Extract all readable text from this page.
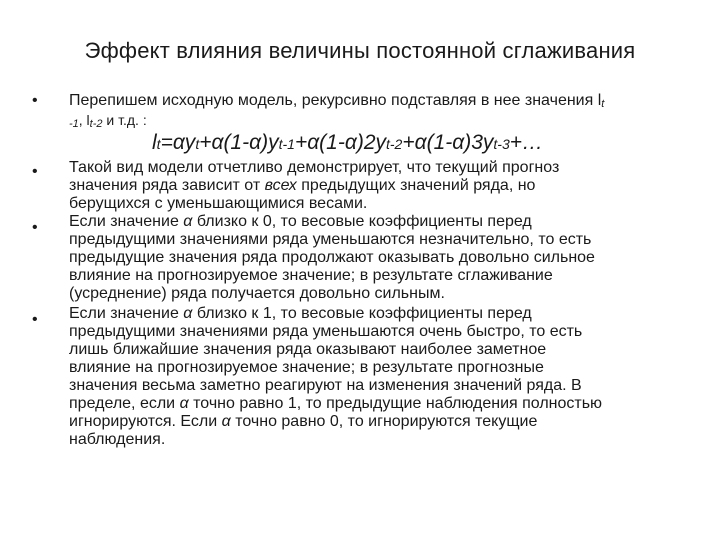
Эффект влияния величины постоянной сглаживания
• Перепишем исходную модель, рекурсивно подставляя в нее значения lt
-1, lt-2 и т.д. :
lt=αyt+α(1-α)yt-1+α(1-α)2yt-2+α(1-α)3yt-3+…
• Такой вид модели отчетливо демонстрирует, что текущий прогноз
значения ряда зависит от всех предыдущих значений ряда, но
берущихся с уменьшающимися весами.
• Если значение α близко к 0, то весовые коэффициенты перед
предыдущими значениями ряда уменьшаются незначительно, то есть
предыдущие значения ряда продолжают оказывать довольно сильное
влияние на прогнозируемое значение; в результате сглаживание
(усреднение) ряда получается довольно сильным.
• Если значение α близко к 1, то весовые коэффициенты перед
предыдущими значениями ряда уменьшаются очень быстро, то есть
лишь ближайшие значения ряда оказывают наиболее заметное
влияние на прогнозируемое значение; в результате прогнозные
значения весьма заметно реагируют на изменения значений ряда. В
пределе, если α точно равно 1, то предыдущие наблюдения полностью
игнорируются. Если α точно равно 0, то игнорируются текущие
наблюдения.
